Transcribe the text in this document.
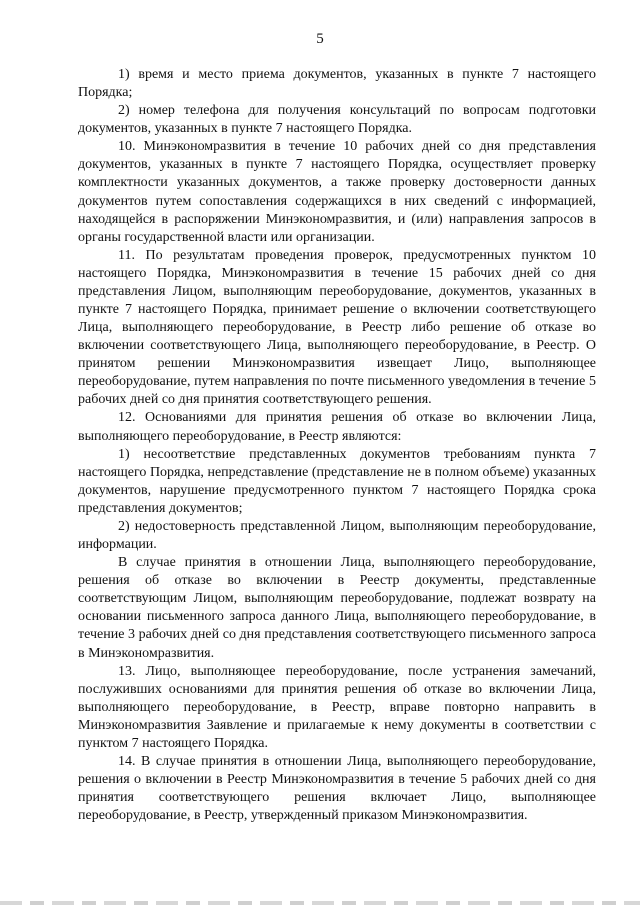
5

1) время и место приема документов, указанных в пункте 7 настоящего Порядка;

2) номер телефона для получения консультаций по вопросам подготовки документов, указанных в пункте 7 настоящего Порядка.

10. Минэкономразвития в течение 10 рабочих дней со дня представления документов, указанных в пункте 7 настоящего Порядка, осуществляет проверку комплектности указанных документов, а также проверку достоверности данных документов путем сопоставления содержащихся в них сведений с информацией, находящейся в распоряжении Минэкономразвития, и (или) направления запросов в органы государственной власти или организации.

11. По результатам проведения проверок, предусмотренных пунктом 10 настоящего Порядка, Минэкономразвития в течение 15 рабочих дней со дня представления Лицом, выполняющим переоборудование, документов, указанных в пункте 7 настоящего Порядка, принимает решение о включении соответствующего Лица, выполняющего переоборудование, в Реестр либо решение об отказе во включении соответствующего Лица, выполняющего переоборудование, в Реестр. О принятом решении Минэкономразвития извещает Лицо, выполняющее переоборудование, путем направления по почте письменного уведомления в течение 5 рабочих дней со дня принятия соответствующего решения.

12. Основаниями для принятия решения об отказе во включении Лица, выполняющего переоборудование, в Реестр являются:

1) несоответствие представленных документов требованиям пункта 7 настоящего Порядка, непредставление (представление не в полном объеме) указанных документов, нарушение предусмотренного пунктом 7 настоящего Порядка срока представления документов;

2) недостоверность представленной Лицом, выполняющим переоборудование, информации.

В случае принятия в отношении Лица, выполняющего переоборудование, решения об отказе во включении в Реестр документы, представленные соответствующим Лицом, выполняющим переоборудование, подлежат возврату на основании письменного запроса данного Лица, выполняющего переоборудование, в течение 3 рабочих дней со дня представления соответствующего письменного запроса в Минэкономразвития.

13. Лицо, выполняющее переоборудование, после устранения замечаний, послуживших основаниями для принятия решения об отказе во включении Лица, выполняющего переоборудование, в Реестр, вправе повторно направить в Минэкономразвития Заявление и прилагаемые к нему документы в соответствии с пунктом 7 настоящего Порядка.

14. В случае принятия в отношении Лица, выполняющего переоборудование, решения о включении в Реестр Минэкономразвития в течение 5 рабочих дней со дня принятия соответствующего решения включает Лицо, выполняющее переоборудование, в Реестр, утвержденный приказом Минэкономразвития.
